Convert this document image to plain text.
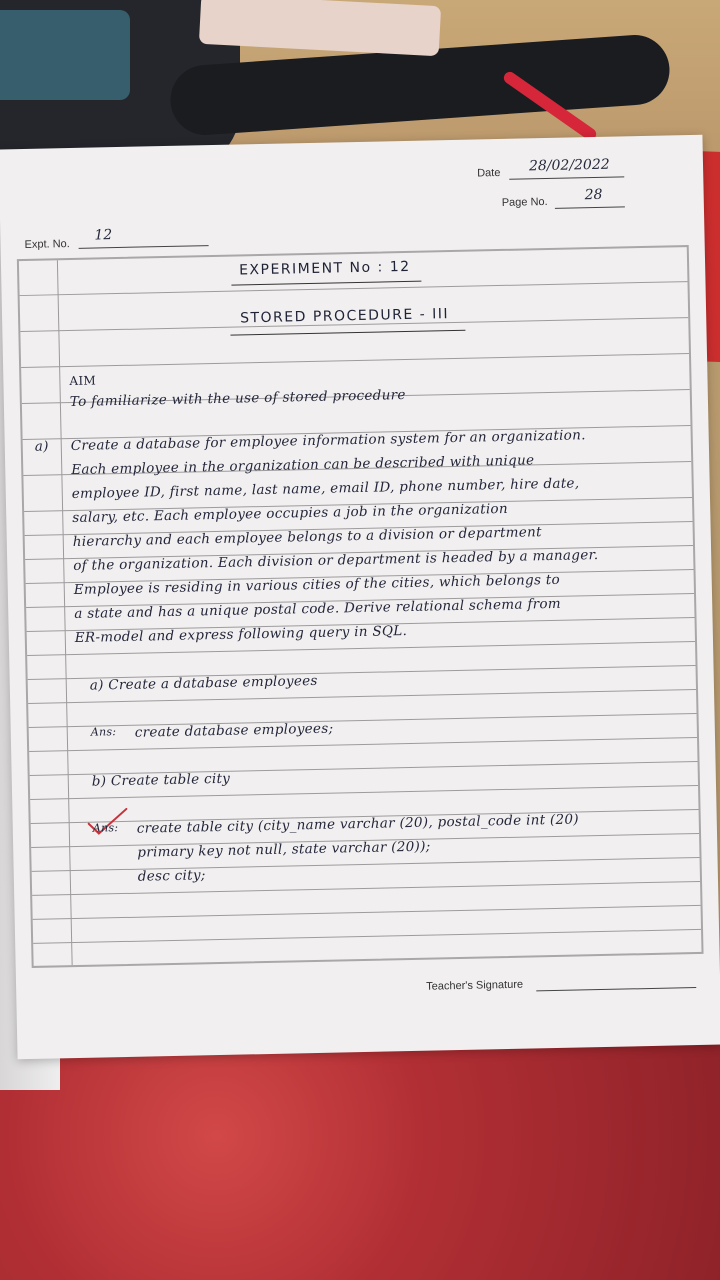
Date 28/02/2022
Page No.	28
Expt. No.
12
EXPERIMENT No : 12
STORED PROCEDURE - III
AIM
To familiarize with the use of stored procedure
a) Create a database for employee information system for an organization.
Each employee in the organization can be described with unique
employee ID, first name, last name, email ID, phone number, hire date,
salary, etc. Each employee occupies a job in the organization
hierarchy and each employee belongs to a division or department
of the organization. Each division or department is headed by a manager.
Employee is residing in various cities of the cities, which belongs to
a state and has a unique postal code. Derive relational schema from
ER-model and express following query in SQL.
a) Create a database employees
Ans: create database employees;
b) Create table city
Ans: create table city (city_name varchar (20), postal_code int (20)
primary key not null, state varchar (20));
desc city;
Teacher's Signature
